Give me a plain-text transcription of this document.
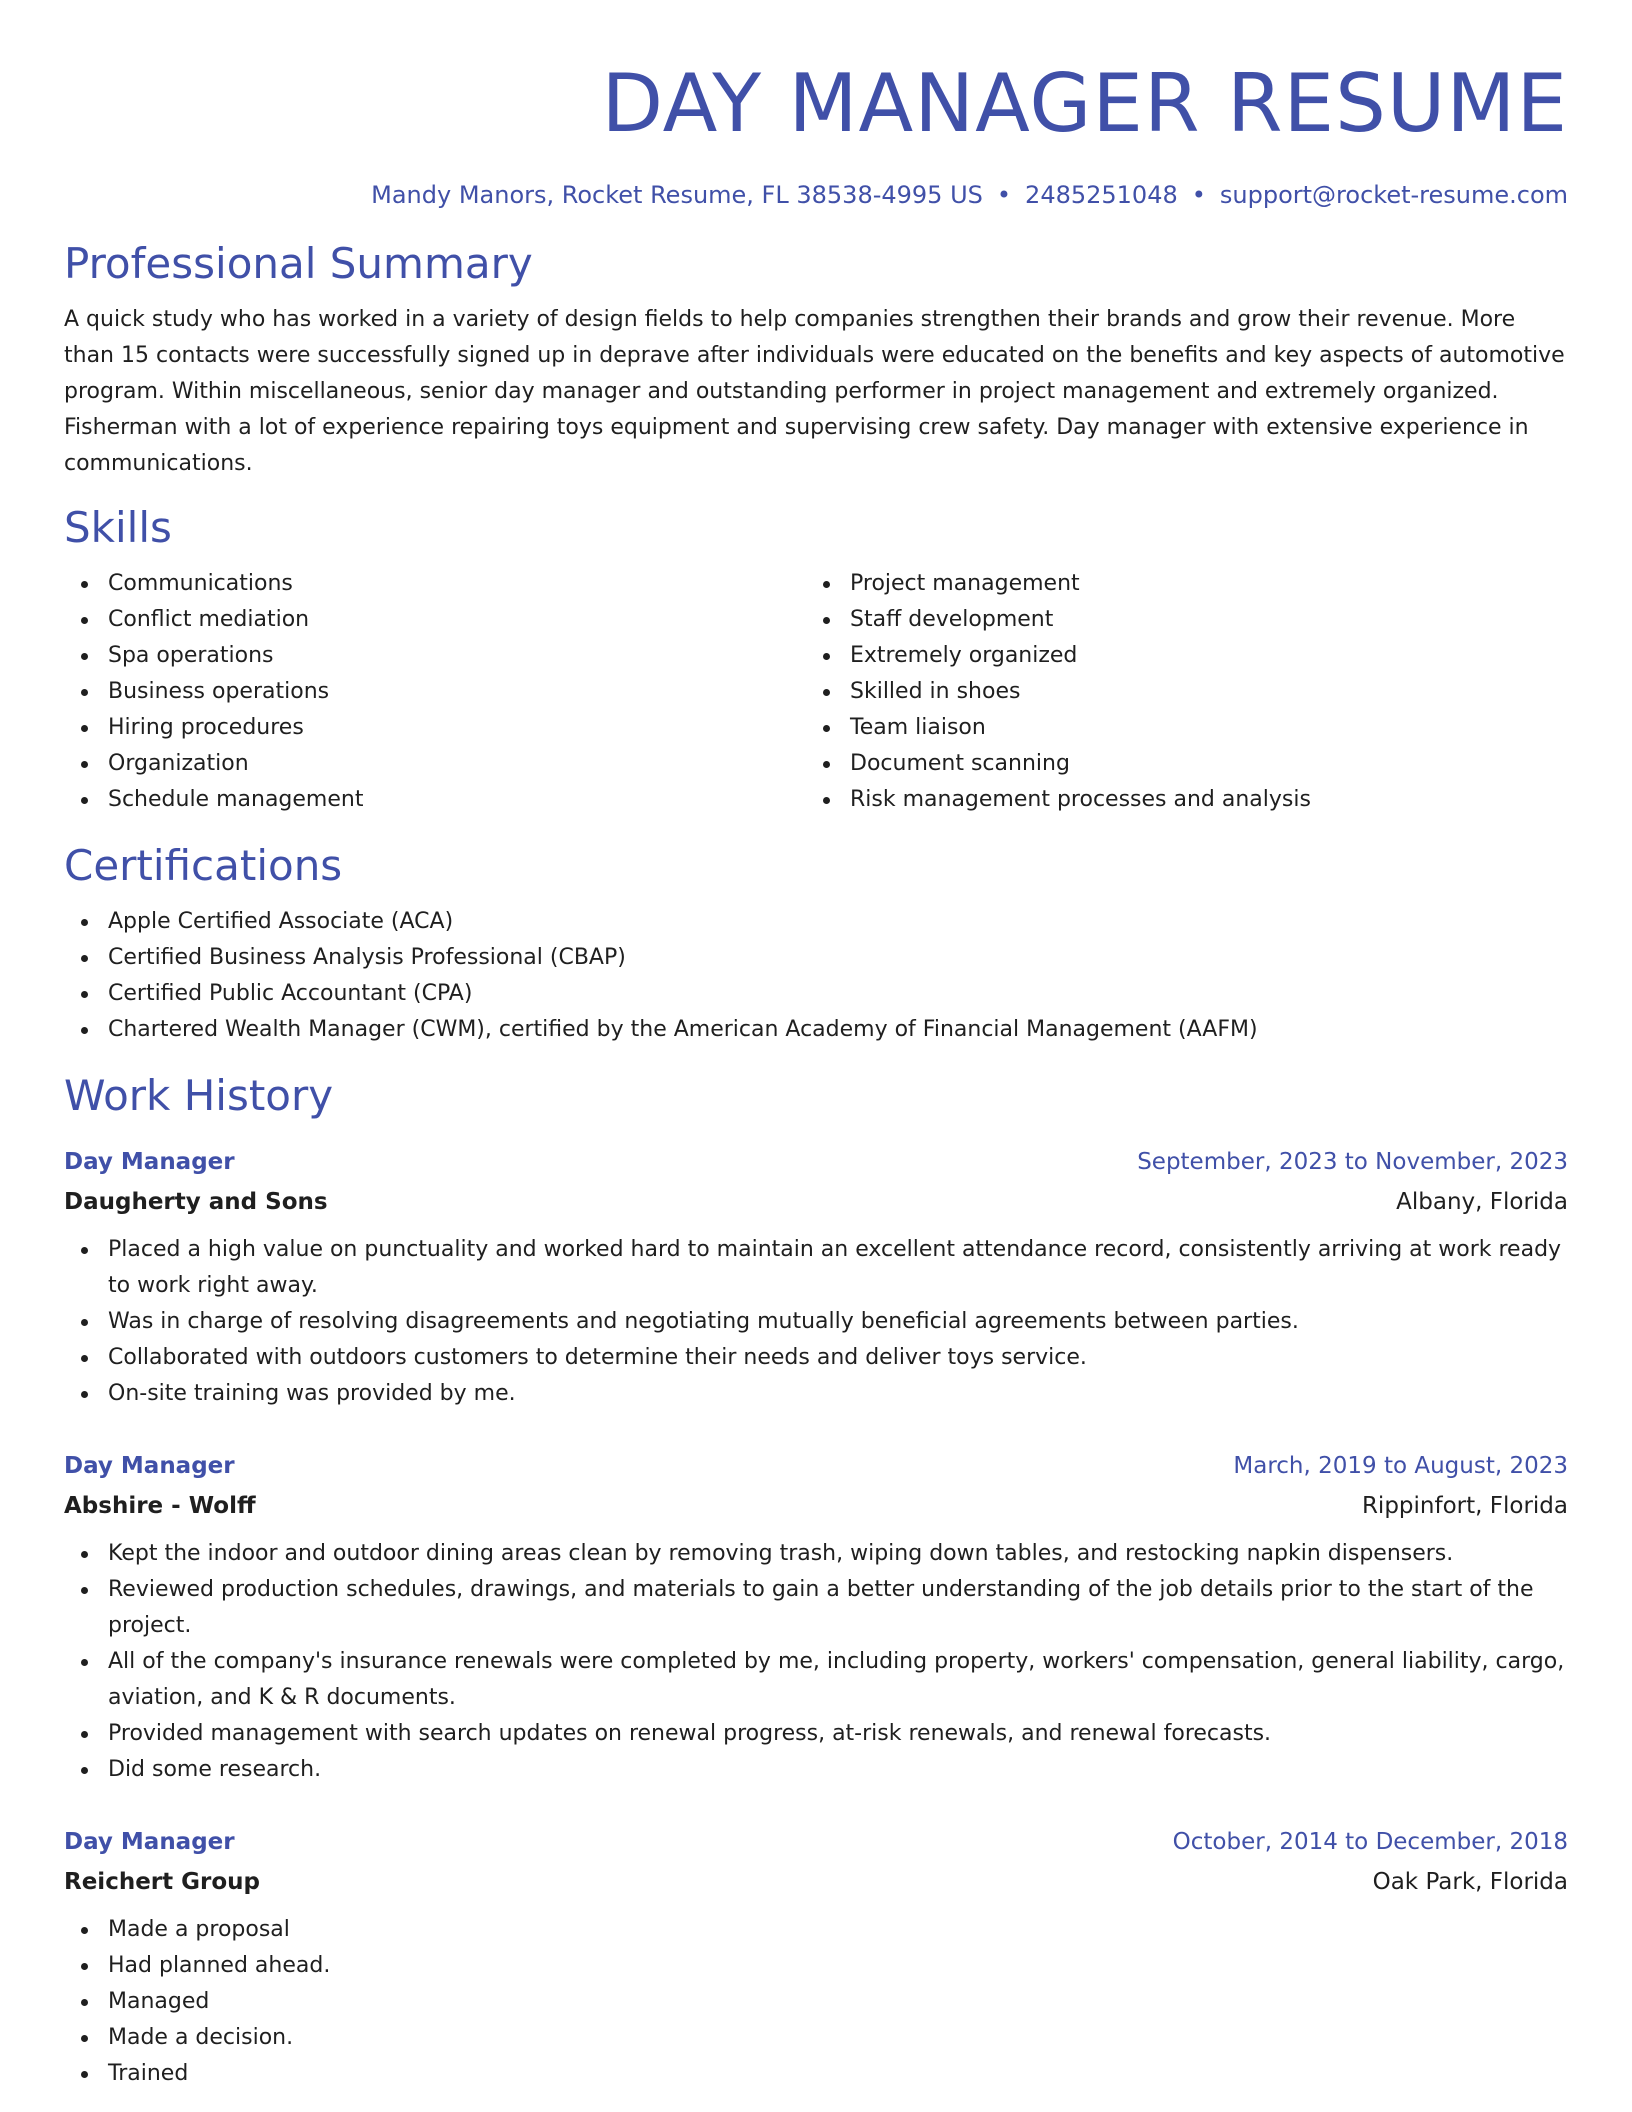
DAY MANAGER RESUME
Mandy Manors, Rocket Resume, FL 38538-4995 US • 2485251048 • support@rocket-resume.com
Professional Summary

A quick study who has worked in a variety of design fields to help companies strengthen their brands and grow their revenue. More than 15 contacts were successfully signed up in deprave after individuals were educated on the benefits and key aspects of automotive program. Within miscellaneous, senior day manager and outstanding performer in project management and extremely organized. Fisherman with a lot of experience repairing toys equipment and supervising crew safety. Day manager with extensive experience in communications.

Skills
Communications
Conflict mediation
Spa operations
Business operations
Hiring procedures
Organization
Schedule management
Project management
Staff development
Extremely organized
Skilled in shoes
Team liaison
Document scanning
Risk management processes and analysis
Certifications
Apple Certified Associate (ACA)
Certified Business Analysis Professional (CBAP)
Certified Public Accountant (CPA)
Chartered Wealth Manager (CWM), certified by the American Academy of Financial Management (AAFM)
Work History
Day Manager	September, 2023 to November, 2023
Daugherty and Sons	Albany, Florida
Placed a high value on punctuality and worked hard to maintain an excellent attendance record, consistently arriving at work ready to work right away.
Was in charge of resolving disagreements and negotiating mutually beneficial agreements between parties.
Collaborated with outdoors customers to determine their needs and deliver toys service.
On-site training was provided by me.
Day Manager	March, 2019 to August, 2023
Abshire - Wolff	Rippinfort, Florida
Kept the indoor and outdoor dining areas clean by removing trash, wiping down tables, and restocking napkin dispensers.
Reviewed production schedules, drawings, and materials to gain a better understanding of the job details prior to the start of the project.
All of the company's insurance renewals were completed by me, including property, workers' compensation, general liability, cargo, aviation, and K & R documents.
Provided management with search updates on renewal progress, at-risk renewals, and renewal forecasts.
Did some research.
Day Manager	October, 2014 to December, 2018
Reichert Group	Oak Park, Florida
Made a proposal
Had planned ahead.
Managed
Made a decision.
Trained
